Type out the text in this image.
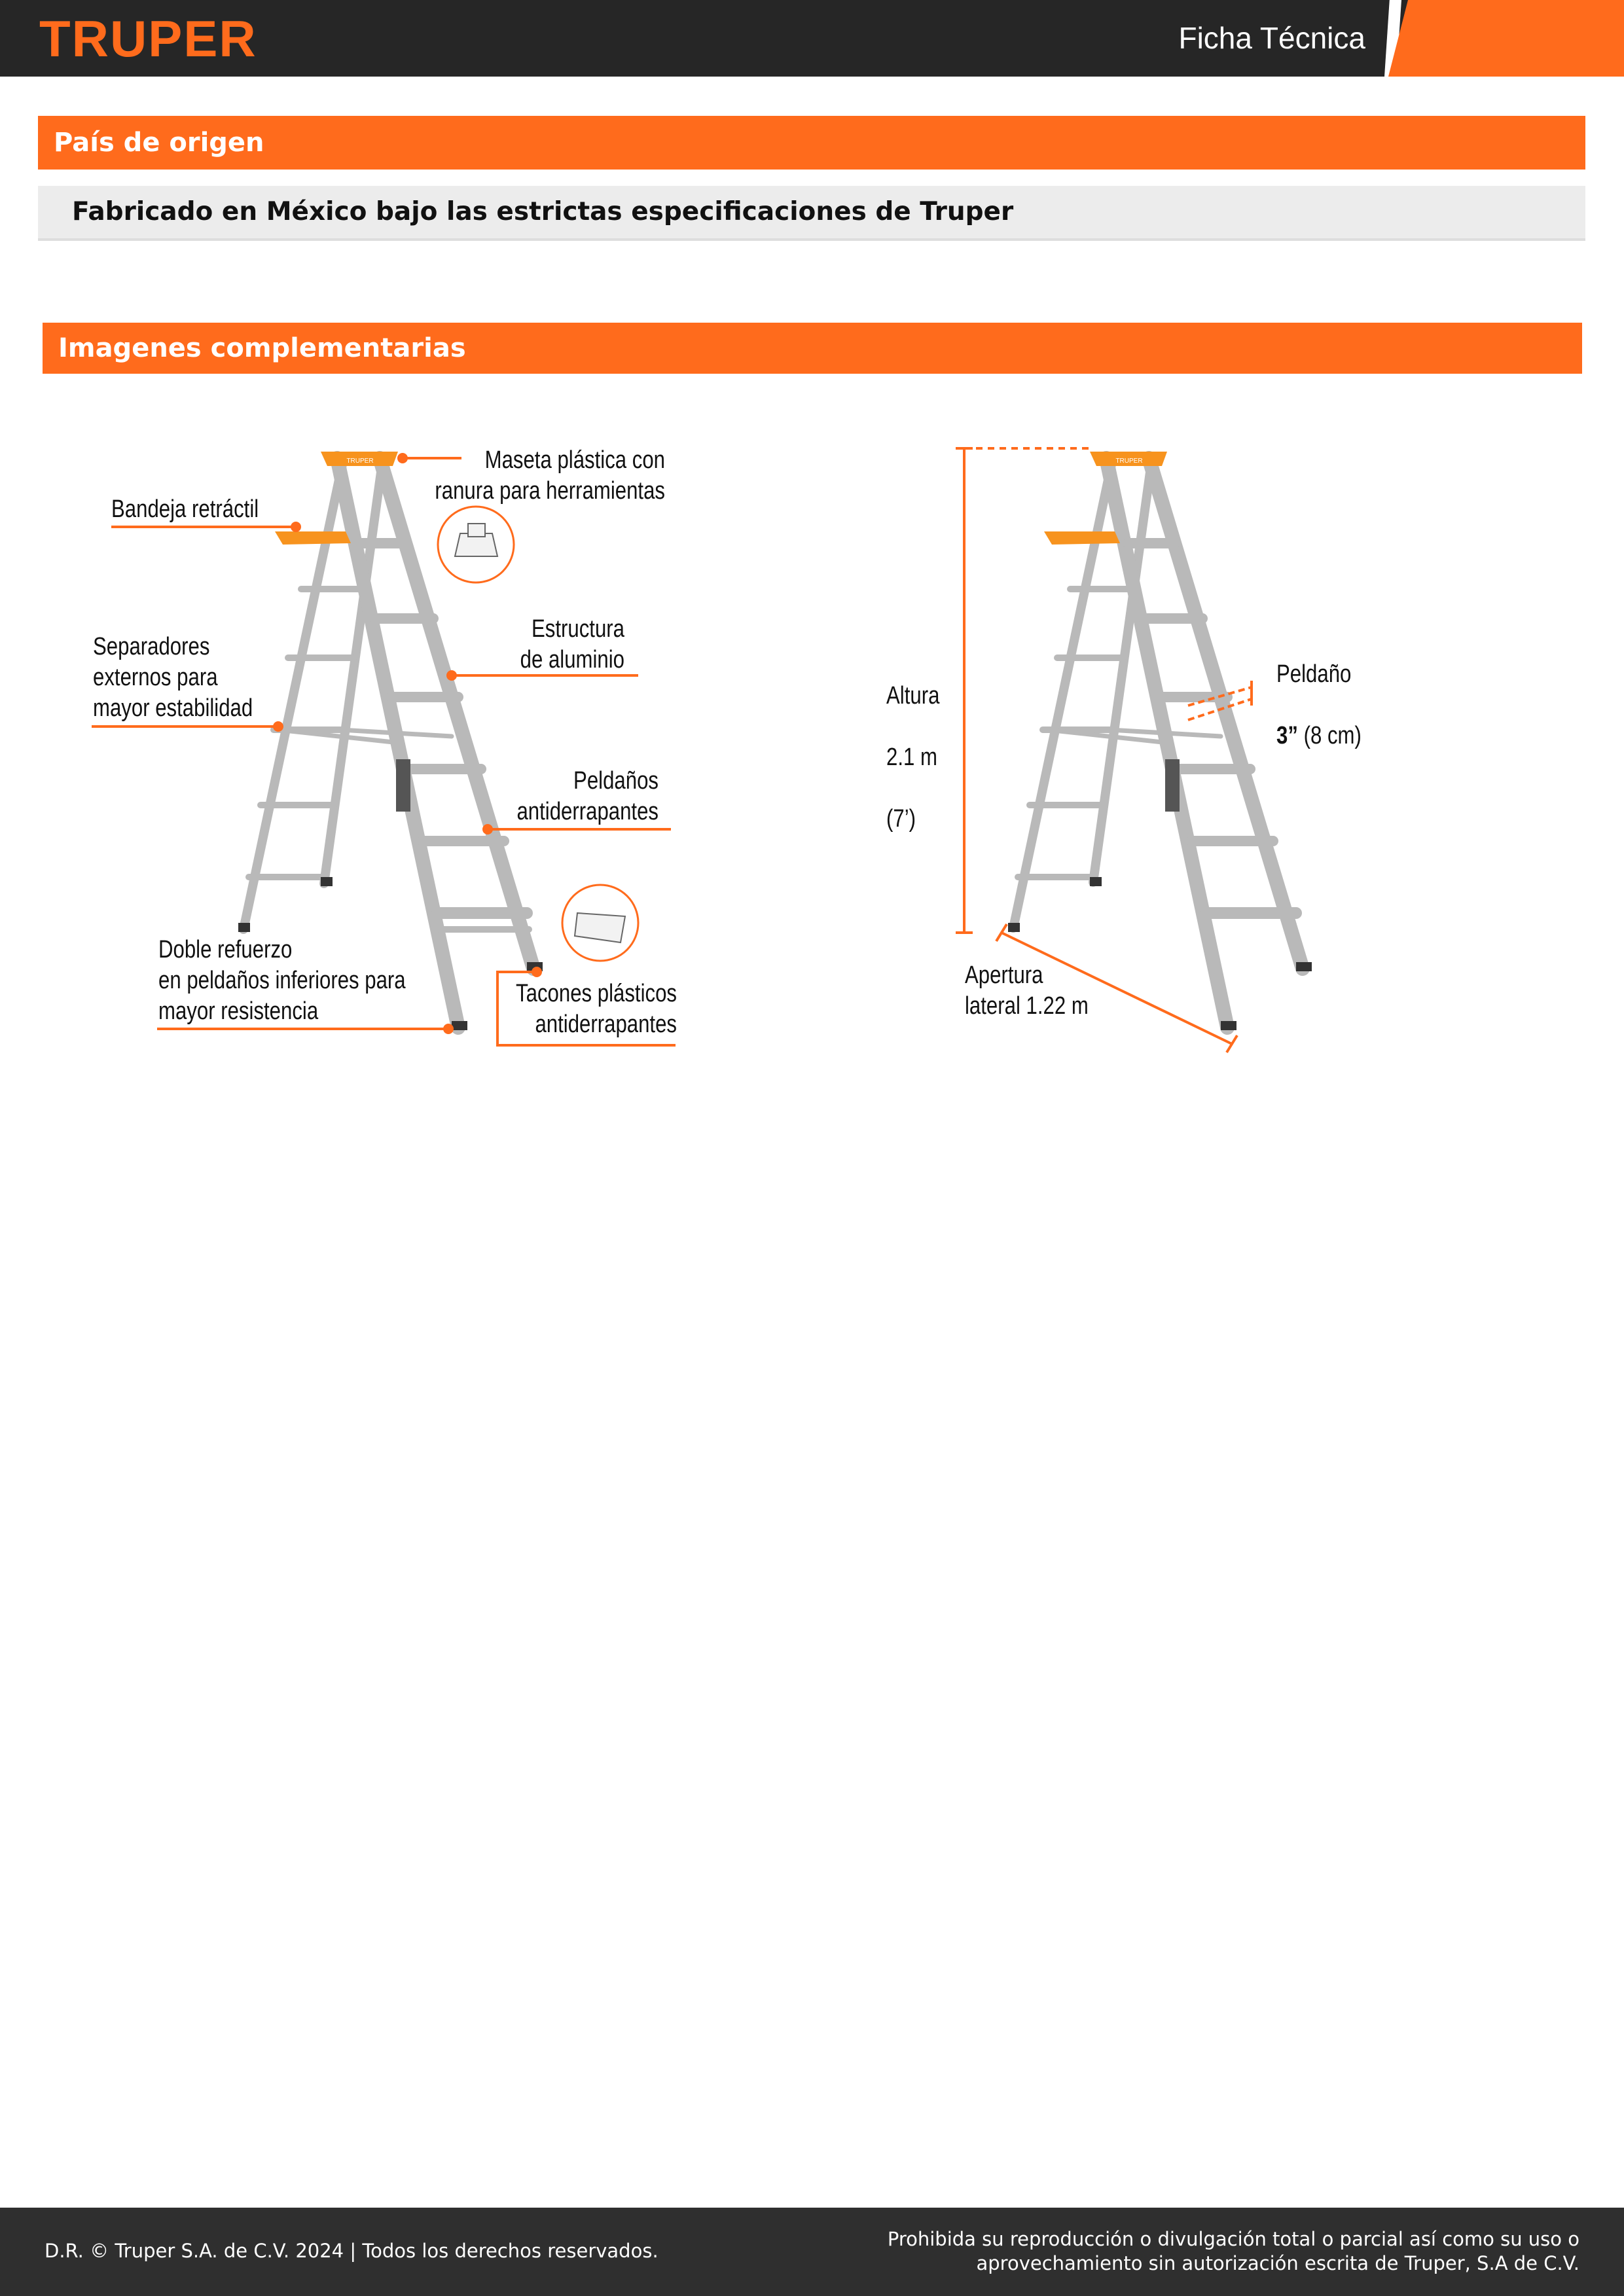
TRUPER	Ficha Técnica
País de origen
Fabricado en México bajo las estrictas especificaciones de Truper
Imagenes complementarias
TRUPER	TRUPER
Maseta plástica con
ranura para herramientas
Bandeja retráctil
Estructura
de aluminio
Separadores
externos para
mayor estabilidad
Peldaños
antiderrapantes
Doble refuerzo
en peldaños inferiores para
mayor resistencia
Tacones plásticos
antiderrapantes

Altura

2.1 m

(7’)

Peldaño

3” (8 cm)

Apertura
lateral 1.22 m
D.R. © Truper S.A. de C.V. 2024 | Todos los derechos reservados.
Prohibida su reproducción o divulgación total o parcial así como su uso o
aprovechamiento sin autorización escrita de Truper, S.A de C.V.
